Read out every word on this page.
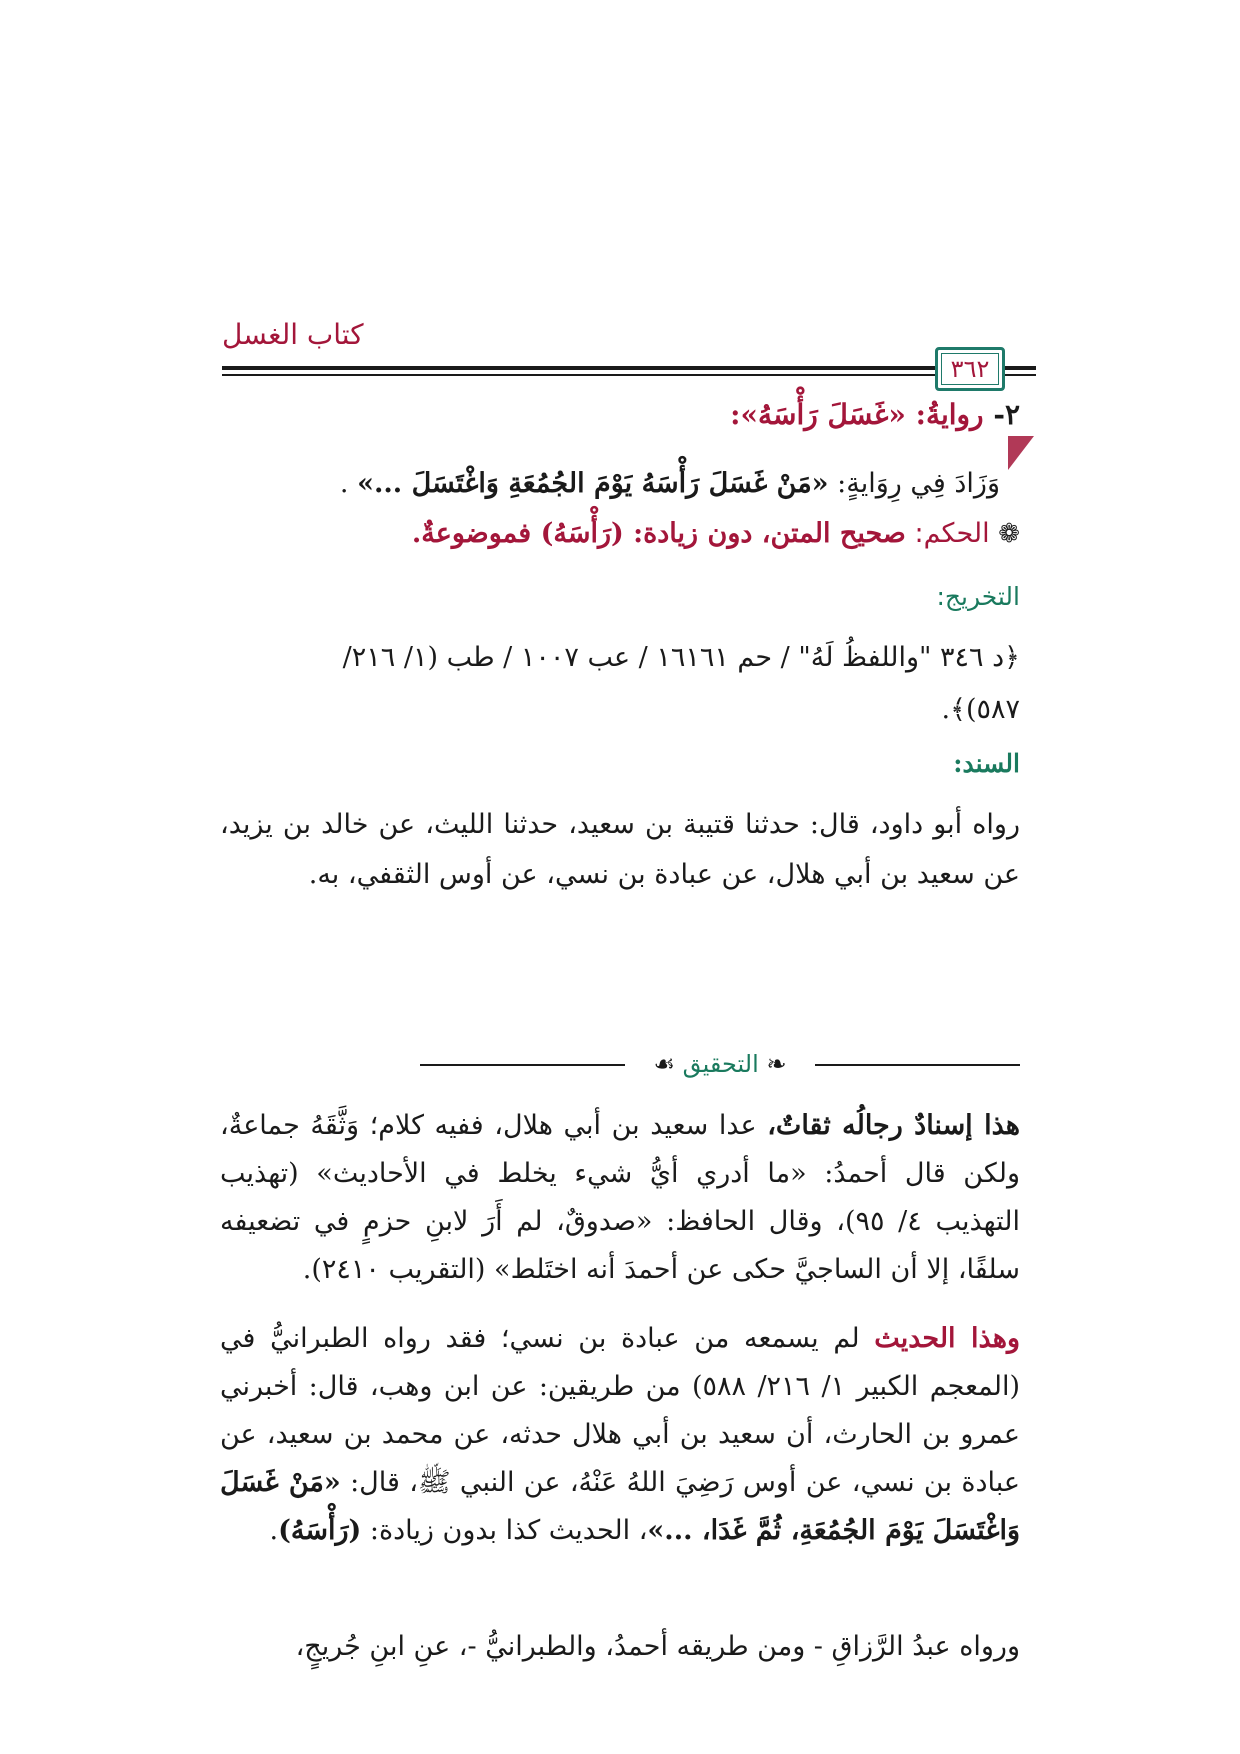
كتاب الغسل
٣٦٢
٢- روايةُ: «غَسَلَ رَأْسَهُ»:
وَزَادَ فِي رِوَايةٍ: «مَنْ غَسَلَ رَأْسَهُ يَوْمَ الجُمُعَةِ وَاغْتَسَلَ ...» .
❁ الحكم: صحيح المتن، دون زيادة: (رَأْسَهُ) فموضوعةٌ.
التخريج:
﴿د ٣٤٦ "واللفظُ لَهُ" / حم ١٦١٦١ / عب ١٠٠٧ / طب (١/ ٢١٦/
٥٨٧)﴾.
السند:
رواه أبو داود، قال: حدثنا قتيبة بن سعيد، حدثنا الليث، عن خالد بن يزيد، عن سعيد بن أبي هلال، عن عبادة بن نسي، عن أوس الثقفي، به.
❧ التحقيق ☙
هذا إسنادٌ رجالُه ثقاتٌ، عدا سعيد بن أبي هلال، ففيه كلام؛ وَثَّقَهُ جماعةٌ، ولكن قال أحمدُ: «ما أدري أيُّ شيء يخلط في الأحاديث» (تهذيب التهذيب ٤/ ٩٥)، وقال الحافظ: «صدوقٌ، لم أَرَ لابنِ حزمٍ في تضعيفه سلفًا، إلا أن الساجيَّ حكى عن أحمدَ أنه اختَلط» (التقريب ٢٤١٠).
وهذا الحديث لم يسمعه من عبادة بن نسي؛ فقد رواه الطبرانيُّ في (المعجم الكبير ١/ ٢١٦/ ٥٨٨) من طريقين: عن ابن وهب، قال: أخبرني عمرو بن الحارث، أن سعيد بن أبي هلال حدثه، عن محمد بن سعيد، عن عبادة بن نسي، عن أوس رَضِيَ اللهُ عَنْهُ، عن النبي ﷺ، قال: «مَنْ غَسَلَ وَاغْتَسَلَ يَوْمَ الجُمُعَةِ، ثُمَّ غَدَا، ...»، الحديث كذا بدون زيادة: (رَأْسَهُ).
ورواه عبدُ الرَّزاقِ - ومن طريقه أحمدُ، والطبرانيُّ -، عنِ ابنِ جُريجٍ،
